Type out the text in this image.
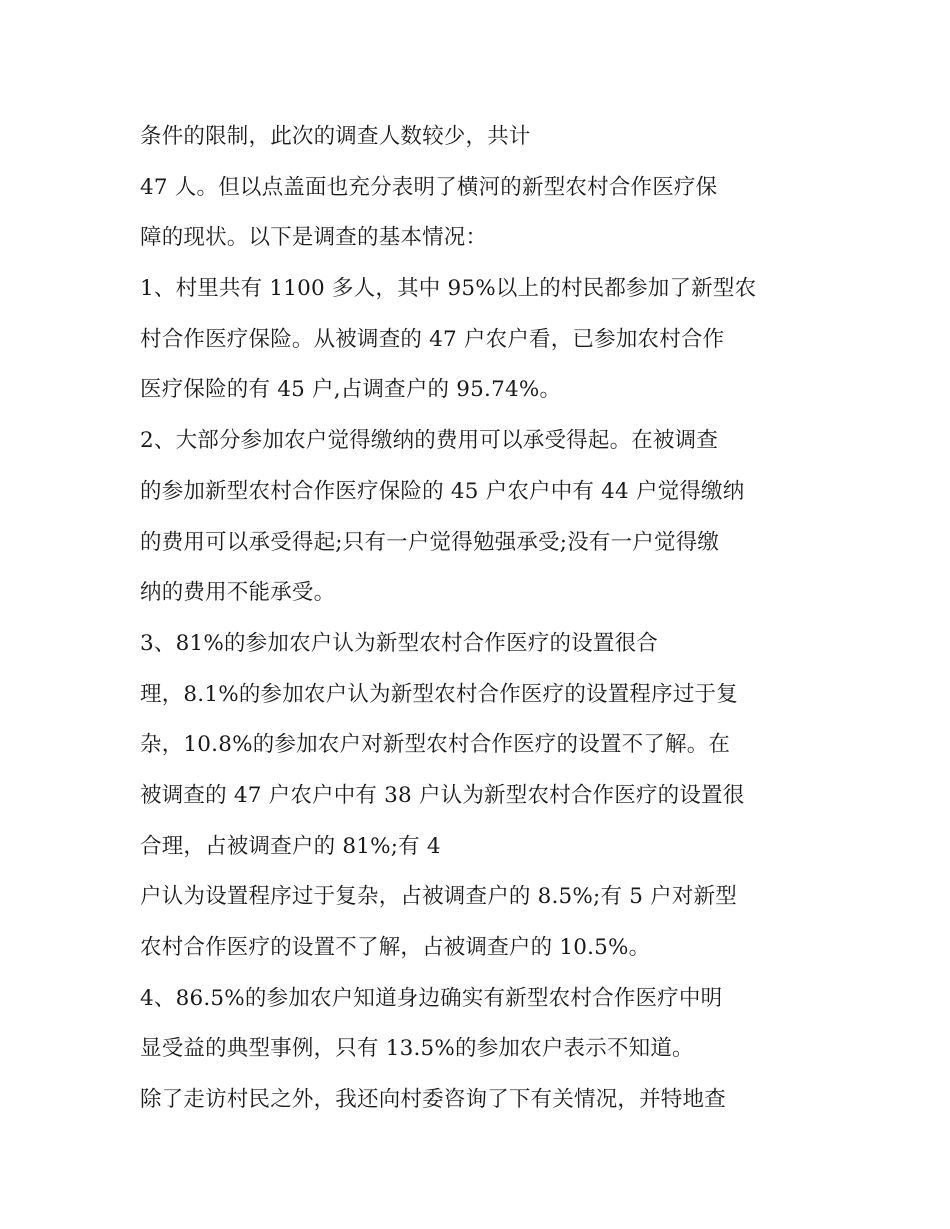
条件的限制，此次的调查人数较少，共计
47 人。但以点盖面也充分表明了横河的新型农村合作医疗保
障的现状。以下是调查的基本情况：
1、村里共有 1100 多人，其中 95%以上的村民都参加了新型农
村合作医疗保险。从被调查的 47 户农户看，已参加农村合作
医疗保险的有 45 户,占调查户的 95.74%。
2、大部分参加农户觉得缴纳的费用可以承受得起。在被调查
的参加新型农村合作医疗保险的 45 户农户中有 44 户觉得缴纳
的费用可以承受得起;只有一户觉得勉强承受;没有一户觉得缴
纳的费用不能承受。
3、81%的参加农户认为新型农村合作医疗的设置很合
理，8.1%的参加农户认为新型农村合作医疗的设置程序过于复
杂，10.8%的参加农户对新型农村合作医疗的设置不了解。在
被调查的 47 户农户中有 38 户认为新型农村合作医疗的设置很
合理，占被调查户的 81%;有 4
户认为设置程序过于复杂，占被调查户的 8.5%;有 5 户对新型
农村合作医疗的设置不了解，占被调查户的 10.5%。
4、86.5%的参加农户知道身边确实有新型农村合作医疗中明
显受益的典型事例，只有 13.5%的参加农户表示不知道。
除了走访村民之外，我还向村委咨询了下有关情况，并特地查
